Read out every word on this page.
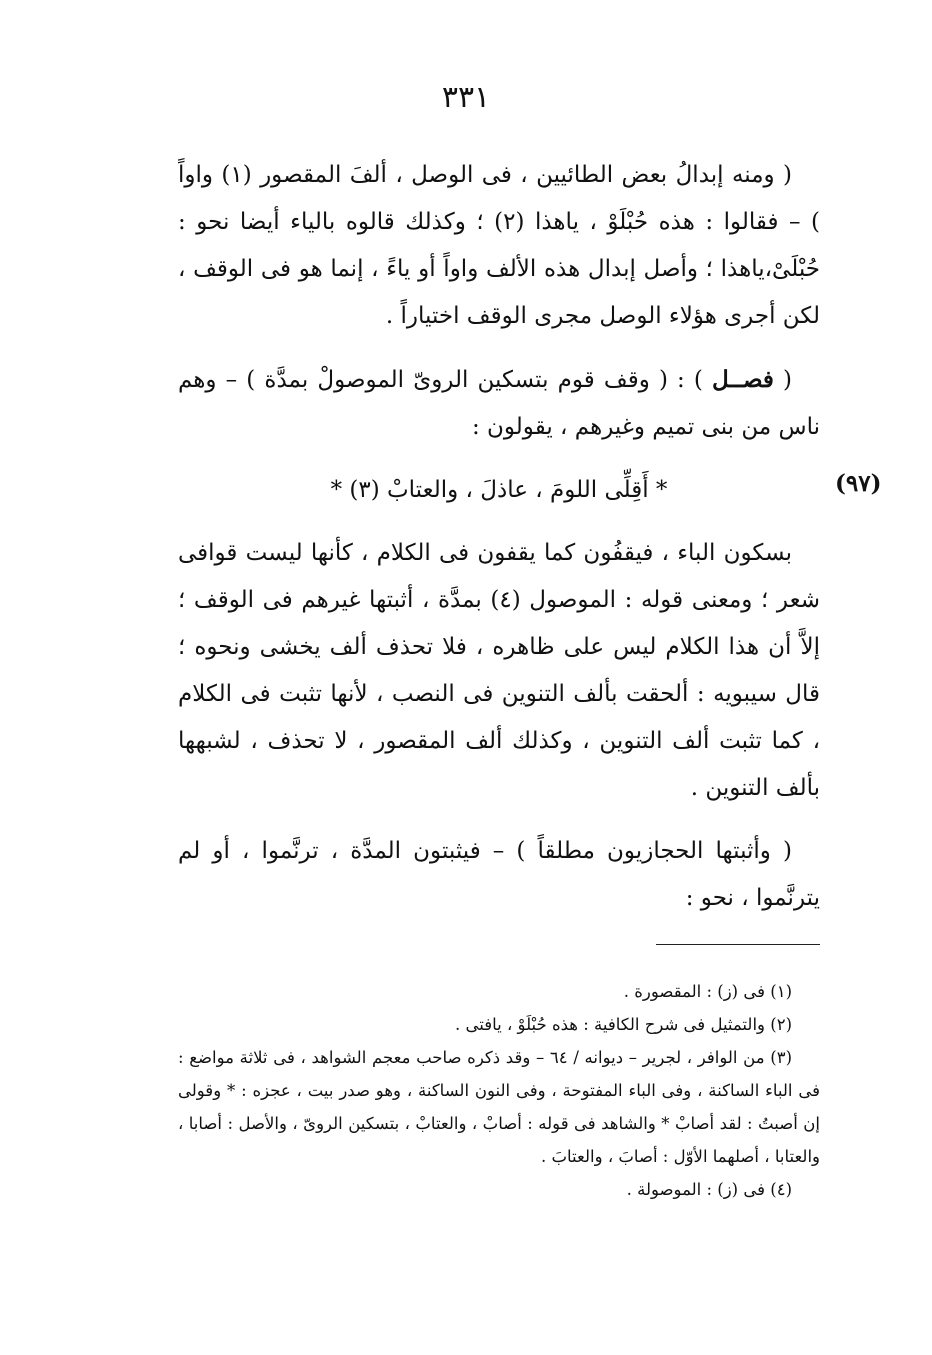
٣٣١

( ومنه إبدالُ بعض الطائيين ، فى الوصل ، ألفَ المقصور (١) واواً ) – فقالوا : هذه حُبْلَوْ ، ياهذا (٢) ؛ وكذلك قالوه بالياء أيضا نحو : حُبْلَىْ،ياهذا ؛ وأصل إبدال هذه الألف واواً أو ياءً ، إنما هو فى الوقف ، لكن أجرى هؤلاء الوصل مجرى الوقف اختياراً .

( فصــل ) : ( وقف قوم بتسكين الروىّ الموصولْ بمدَّة ) – وهم ناس من بنى تميم وغيرهم ، يقولون :

* أَقِلِّى اللومَ ، عاذلَ ، والعتابْ (٣) *

بسكون الباء ، فيقفُون كما يقفون فى الكلام ، كأنها ليست قوافى شعر ؛ ومعنى قوله : الموصول (٤) بمدَّة ، أثبتها غيرهم فى الوقف ؛ إلاَّ أن هذا الكلام ليس على ظاهره ، فلا تحذف ألف يخشى ونحوه ؛ قال سيبويه : ألحقت بألف التنوين فى النصب ، لأنها تثبت فى الكلام ، كما تثبت ألف التنوين ، وكذلك ألف المقصور ، لا تحذف ، لشبهها بألف التنوين .

( وأثبتها الحجازيون مطلقاً ) – فيثبتون المدَّة ، ترنَّموا ، أو لم يترنَّموا ، نحو :

(٩٧)

(١) فى (ز) : المقصورة .

(٢) والتمثيل فى شرح الكافية : هذه حُبْلَوْ ، يافتى .

(٣) من الوافر ، لجرير – ديوانه / ٦٤ – وقد ذكره صاحب معجم الشواهد ، فى ثلاثة مواضع : فى الباء الساكنة ، وفى الباء المفتوحة ، وفى النون الساكنة ، وهو صدر بيت ، عجزه : * وقولى إن أصبتُ : لقد أصابْ * والشاهد فى قوله : أصابْ ، والعتابْ ، بتسكين الروىّ ، والأصل : أصابا ، والعتابا ، أصلهما الأوّل : أصابَ ، والعتابَ .

(٤) فى (ز) : الموصولة .
